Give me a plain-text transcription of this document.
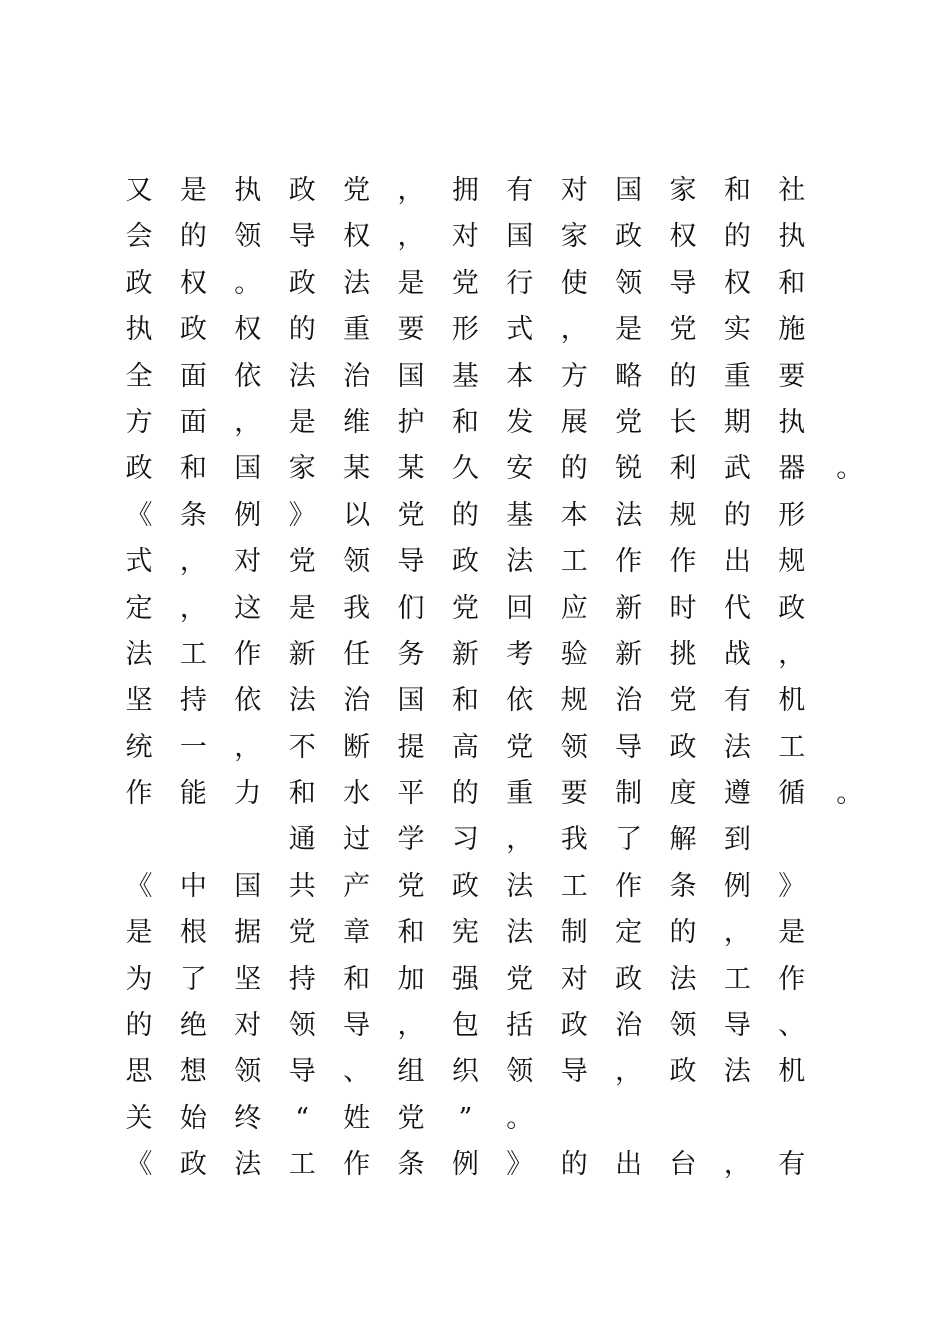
又 是 执 政 党 ， 拥 有 对 国 家 和 社
会 的 领 导 权 ， 对 国 家 政 权 的 执
政 权 。 政 法 是 党 行 使 领 导 权 和
执 政 权 的 重 要 形 式 ， 是 党 实 施
全 面 依 法 治 国 基 本 方 略 的 重 要
方 面 ， 是 维 护 和 发 展 党 长 期 执
政 和 国 家 某 某 久 安 的 锐 利 武 器 。
《 条 例 》 以 党 的 基 本 法 规 的 形
式 ， 对 党 领 导 政 法 工 作 作 出 规
定 ， 这 是 我 们 党 回 应 新 时 代 政
法 工 作 新 任 务 新 考 验 新 挑 战 ，
坚 持 依 法 治 国 和 依 规 治 党 有 机
统 一 ， 不 断 提 高 党 领 导 政 法 工
作 能 力 和 水 平 的 重 要 制 度 遵 循 。
通 过 学 习 ， 我 了 解 到
《 中 国 共 产 党 政 法 工 作 条 例 》
是 根 据 党 章 和 宪 法 制 定 的 ， 是
为 了 坚 持 和 加 强 党 对 政 法 工 作
的 绝 对 领 导 ， 包 括 政 治 领 导 、
思 想 领 导 、 组 织 领 导 ， 政 法 机
关 始 终 “ 姓 党 ” 。
《 政 法 工 作 条 例 》 的 出 台 ， 有
